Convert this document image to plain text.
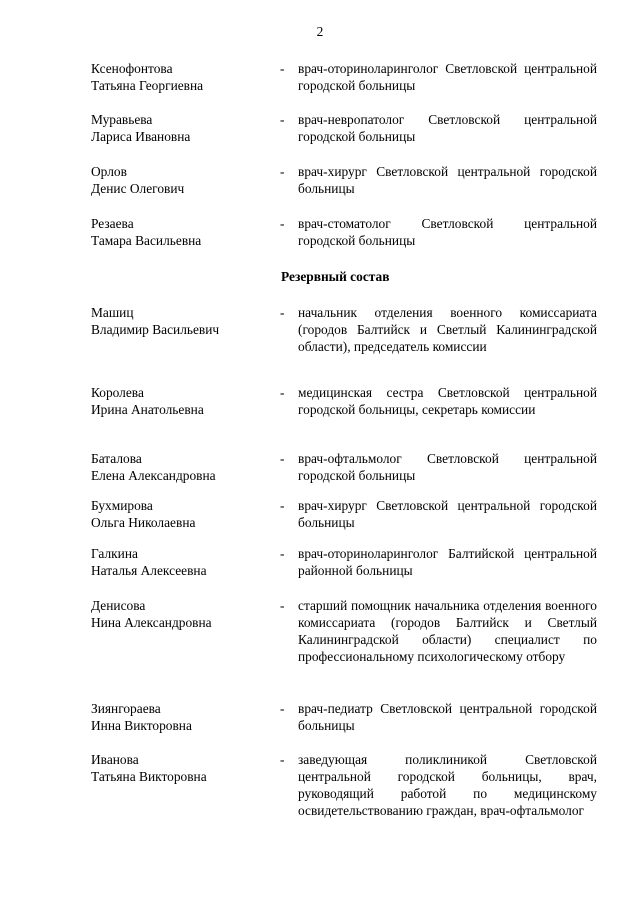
2
Ксенофонтова
Татьяна Георгиевна
- врач-оториноларинголог Светловской центральной городской больницы
Муравьева
Лариса Ивановна
- врач-невропатолог Светловской центральной городской больницы
Орлов
Денис Олегович
- врач-хирург Светловской центральной городской больницы
Резаева
Тамара Васильевна
- врач-стоматолог Светловской центральной городской больницы
Резервный состав
Машиц
Владимир Васильевич
- начальник отделения военного комиссариата (городов Балтийск и Светлый Калининградской области), председатель комиссии
Королева
Ирина Анатольевна
- медицинская сестра Светловской центральной городской больницы, секретарь комиссии
Баталова
Елена Александровна
- врач-офтальмолог Светловской центральной городской больницы
Бухмирова
Ольга Николаевна
- врач-хирург Светловской центральной городской больницы
Галкина
Наталья Алексеевна
- врач-оториноларинголог Балтийской центральной районной больницы
Денисова
Нина Александровна
- старший помощник начальника отделения военного комиссариата (городов Балтийск и Светлый Калининградской области) специалист по профессиональному психологическому отбору
Зиянгораева
Инна Викторовна
- врач-педиатр Светловской центральной городской больницы
Иванова
Татьяна Викторовна
- заведующая поликлиникой Светловской центральной городской больницы, врач, руководящий работой по медицинскому освидетельствованию граждан, врач-офтальмолог
